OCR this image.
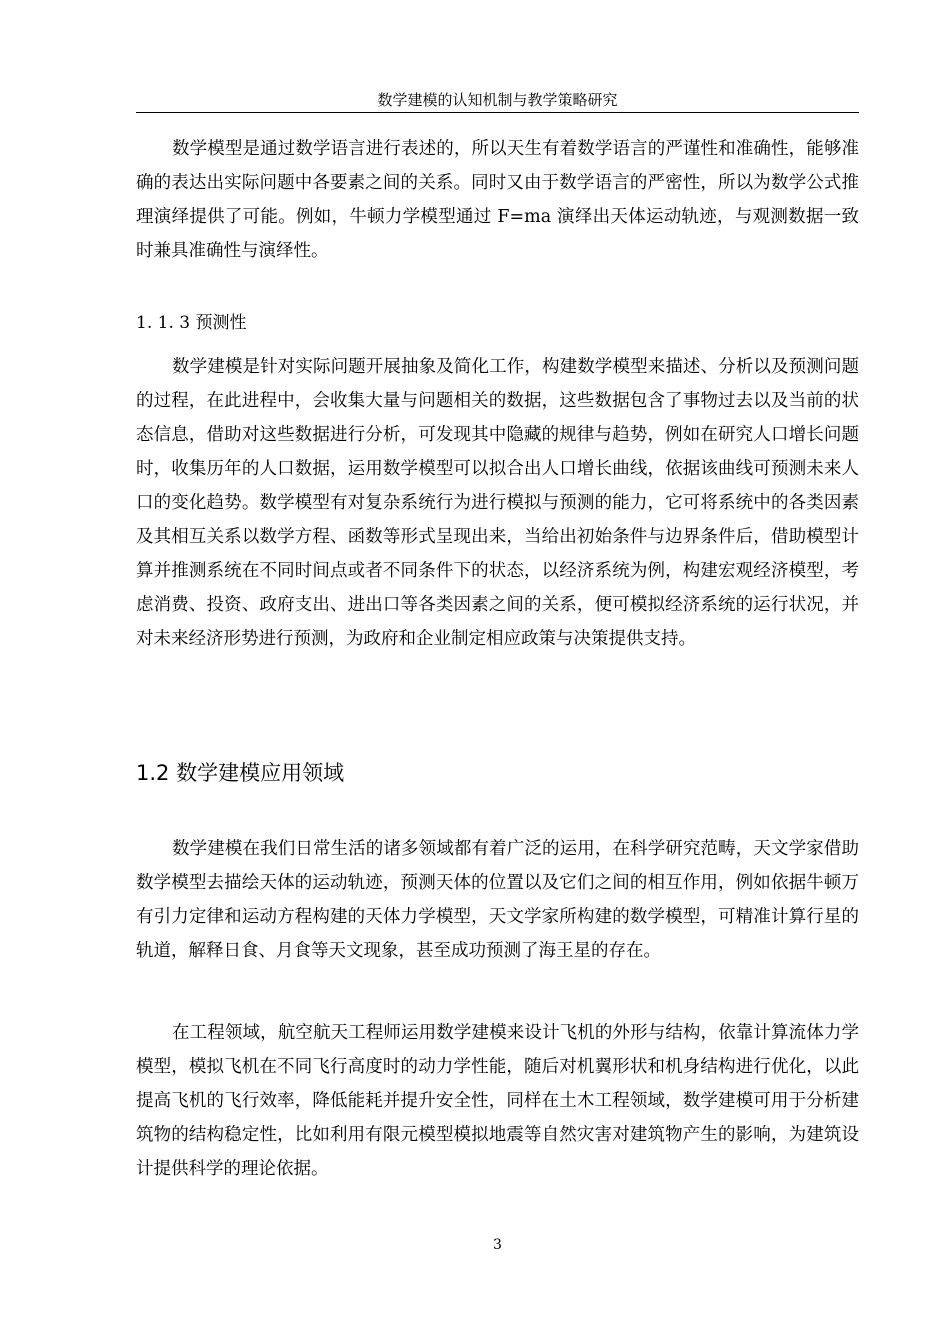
数学建模的认知机制与教学策略研究

数学模型是通过数学语言进行表述的，所以天生有着数学语言的严谨性和准确性，能够准确的表达出实际问题中各要素之间的关系。同时又由于数学语言的严密性，所以为数学公式推理演绎提供了可能。例如，牛顿力学模型通过 F=ma 演绎出天体运动轨迹，与观测数据一致时兼具准确性与演绎性。

1. 1. 3 预测性

数学建模是针对实际问题开展抽象及简化工作，构建数学模型来描述、分析以及预测问题的过程，在此进程中，会收集大量与问题相关的数据，这些数据包含了事物过去以及当前的状态信息，借助对这些数据进行分析，可发现其中隐藏的规律与趋势，例如在研究人口增长问题时，收集历年的人口数据，运用数学模型可以拟合出人口增长曲线，依据该曲线可预测未来人口的变化趋势。数学模型有对复杂系统行为进行模拟与预测的能力，它可将系统中的各类因素及其相互关系以数学方程、函数等形式呈现出来，当给出初始条件与边界条件后，借助模型计算并推测系统在不同时间点或者不同条件下的状态，以经济系统为例，构建宏观经济模型，考虑消费、投资、政府支出、进出口等各类因素之间的关系，便可模拟经济系统的运行状况，并对未来经济形势进行预测，为政府和企业制定相应政策与决策提供支持。

1.2 数学建模应用领域

数学建模在我们日常生活的诸多领域都有着广泛的运用，在科学研究范畴，天文学家借助数学模型去描绘天体的运动轨迹，预测天体的位置以及它们之间的相互作用，例如依据牛顿万有引力定律和运动方程构建的天体力学模型，天文学家所构建的数学模型，可精准计算行星的轨道，解释日食、月食等天文现象，甚至成功预测了海王星的存在。

在工程领域，航空航天工程师运用数学建模来设计飞机的外形与结构，依靠计算流体力学模型，模拟飞机在不同飞行高度时的动力学性能，随后对机翼形状和机身结构进行优化，以此提高飞机的飞行效率，降低能耗并提升安全性，同样在土木工程领域，数学建模可用于分析建筑物的结构稳定性，比如利用有限元模型模拟地震等自然灾害对建筑物产生的影响，为建筑设计提供科学的理论依据。

3
